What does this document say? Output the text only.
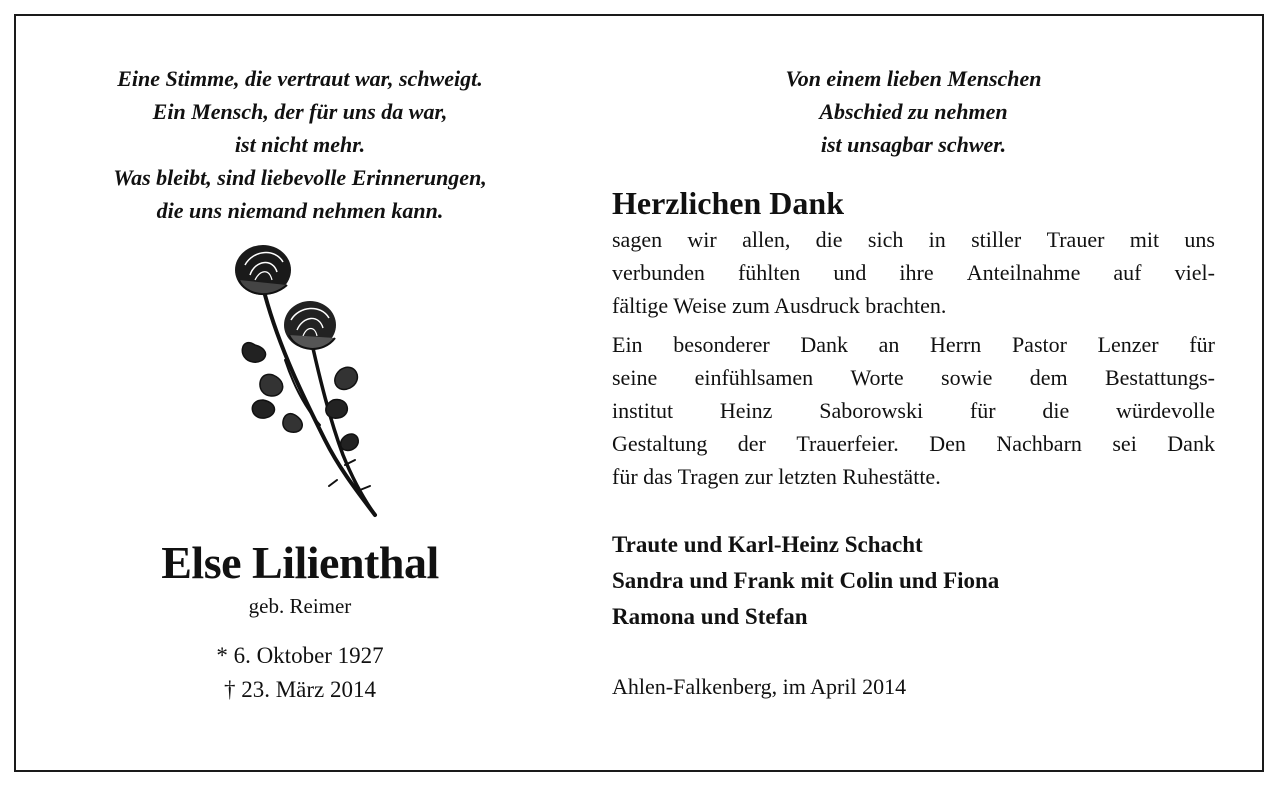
Eine Stimme, die vertraut war, schweigt.
Ein Mensch, der für uns da war,
ist nicht mehr.
Was bleibt, sind liebevolle Erinnerungen,
die uns niemand nehmen kann.
Else Lilienthal
geb. Reimer
* 6. Oktober 1927
† 23. März 2014
Von einem lieben Menschen
Abschied zu nehmen
ist unsagbar schwer.
Herzlichen Dank
sagen wir allen, die sich in stiller Trauer mit uns
verbunden fühlten und ihre Anteilnahme auf viel-
fältige Weise zum Ausdruck brachten.
Ein besonderer Dank an Herrn Pastor Lenzer für
seine einfühlsamen Worte sowie dem Bestattungs-
institut Heinz Saborowski für die würdevolle
Gestaltung der Trauerfeier. Den Nachbarn sei Dank
für das Tragen zur letzten Ruhestätte.
Traute und Karl-Heinz Schacht
Sandra und Frank mit Colin und Fiona
Ramona und Stefan
Ahlen-Falkenberg, im April 2014
